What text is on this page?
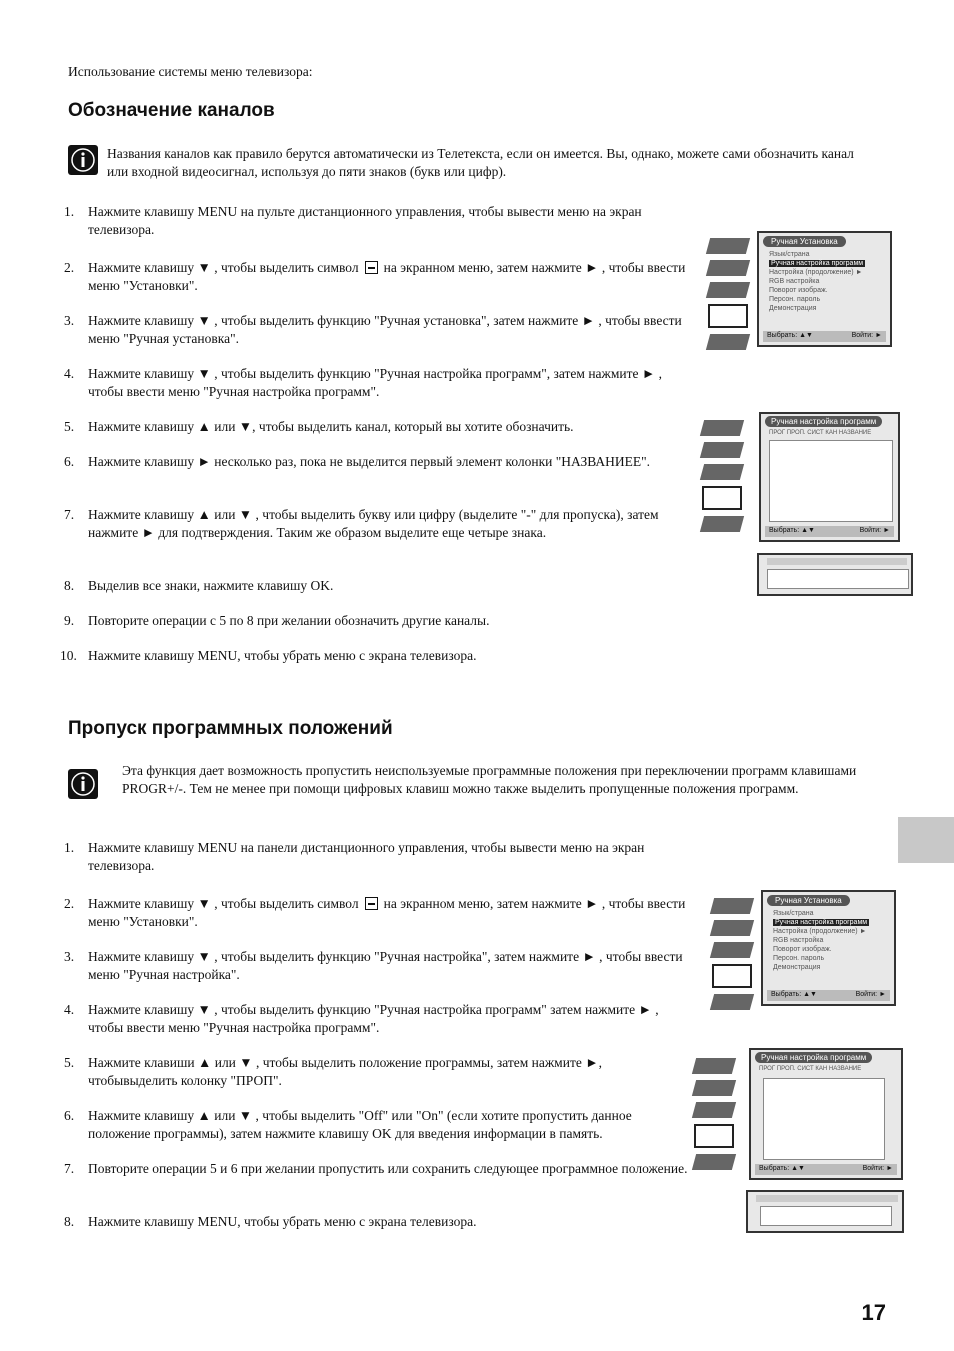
Использование системы меню телевизора:
Обозначение каналов
Названия каналов как правило берутся автоматически из Телетекста, если он имеется. Вы, однако, можете сами обозначить канал или входной видеосигнал, используя до пяти знаков (букв или цифр).
1. Нажмите клавишу MENU на пульте дистанционного управления, чтобы вывести меню на экран телевизора.
2. Нажмите клавишу ▼ , чтобы выделить символ на экранном меню, затем нажмите ► , чтобы ввести меню "Установки".
3. Нажмите клавишу ▼ , чтобы выделить функцию "Ручная установка", затем нажмите ► , чтобы ввести меню "Ручная установка".
4. Нажмите клавишу ▼ , чтобы выделить функцию "Ручная настройка программ", затем нажмите ► , чтобы ввести меню "Ручная настройка программ".
5. Нажмите клавишу ▲ или ▼, чтобы выделить канал, который вы хотите обозначить.
6. Нажмите клавишу ► несколько раз, пока не выделится первый элемент колонки "НАЗВАНИЕЕ".
7. Нажмите клавишу ▲ или ▼ , чтобы выделить букву или цифру (выделите "-" для пропуска), затем нажмите ► для подтверждения. Таким же образом выделите еще четыре знака.
8. Выделив все знаки, нажмите клавишу OK.
9. Повторите операции с 5 по 8 при желании обозначить другие каналы.
10. Нажмите клавишу MENU, чтобы убрать меню с экрана телевизора.
Ручная Установка
Язык/страна
Ручная настройка программ
Настройка (продолжение) ►
RGB настройка
Поворот изображ.
Персон. пароль
Демонстрация
Выбрать: ▲▼	Войти: ►
Ручная настройка программ
ПРОГ ПРОП. СИСТ КАН НАЗВАНИЕ
Выбрать: ▲▼	Войти: ►
Пропуск программных положений
Эта функция дает возможность пропустить неиспользуемые программные положения при переключении программ клавишами PROGR+/-. Тем не менее при помощи цифровых клавиш можно также выделить пропущенные положения программ.
1. Нажмите клавишу MENU на панели дистанционного управления, чтобы вывести меню на экран телевизора.
2. Нажмите клавишу ▼ , чтобы выделить символ на экранном меню, затем нажмите ► , чтобы ввести меню "Установки".
3. Нажмите клавишу ▼ , чтобы выделить функцию "Ручная настройка", затем нажмите ► , чтобы ввести меню "Ручная настройка".
4. Нажмите клавишу ▼ , чтобы выделить функцию "Ручная настройка программ" затем нажмите ► , чтобы ввести меню "Ручная настройка программ".
5. Нажмите клавиши ▲ или ▼ , чтобы выделить положение программы, затем нажмите ►, чтобывыделить колонку "ПРОП".
6. Нажмите клавишу ▲ или ▼ , чтобы выделить "Off" или "On" (если хотите пропустить данное положение программы), затем нажмите клавишу OK для введения информации в память.
7. Повторите операции 5 и 6 при желании пропустить или сохранить следующее программное положение.
8. Нажмите клавишу MENU, чтобы убрать меню с экрана телевизора.
Ручная Установка
Язык/страна
Ручная настройка программ
Настройка (продолжение) ►
RGB настройка
Поворот изображ.
Персон. пароль
Демонстрация
Выбрать: ▲▼	Войти: ►
Ручная настройка программ
ПРОГ ПРОП. СИСТ КАН НАЗВАНИЕ
Выбрать: ▲▼	Войти: ►
17
